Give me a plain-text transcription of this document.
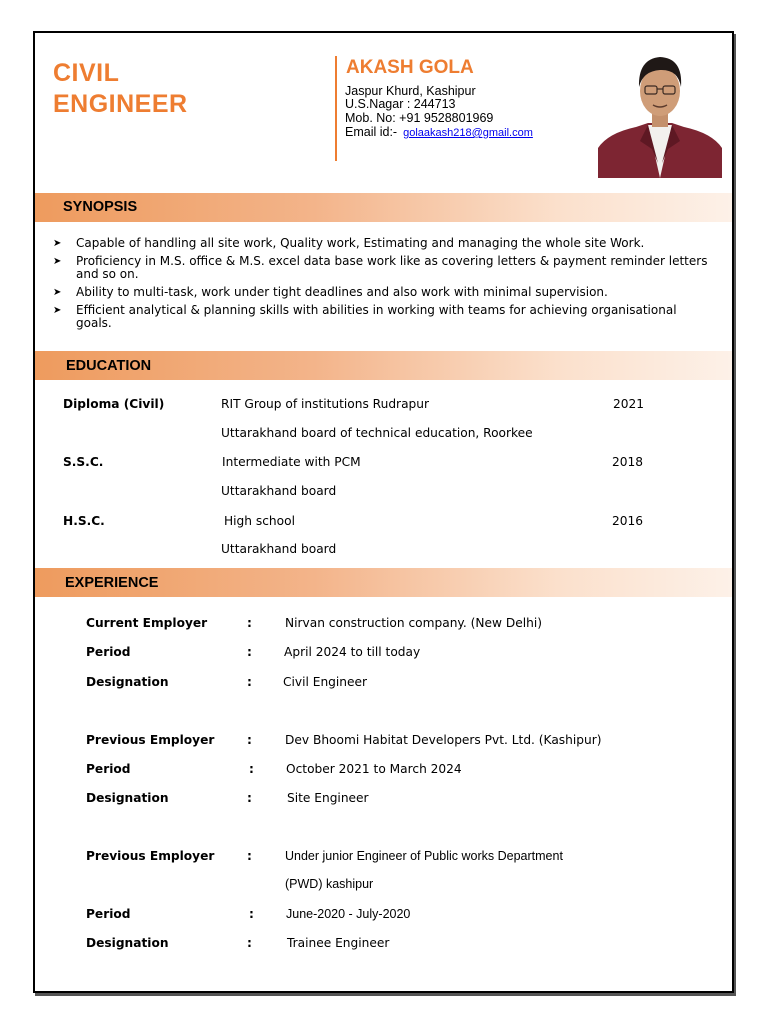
CIVIL
ENGINEER
AKASH GOLA
Jaspur Khurd, Kashipur
U.S.Nagar : 244713
Mob. No: +91 9528801969
Email id:- golaakash218@gmail.com
SYNOPSIS
➤ Capable of handling all site work, Quality work, Estimating and managing the whole site Work.
➤ Proficiency in M.S. office & M.S. excel data base work like as covering letters & payment reminder letters and so on.
➤ Ability to multi-task, work under tight deadlines and also work with minimal supervision.
➤ Efficient analytical & planning skills with abilities in working with teams for achieving organisational goals.
EDUCATION
Diploma (Civil)	RIT Group of institutions Rudrapur	2021
Uttarakhand board of technical education, Roorkee
S.S.C.	Intermediate with PCM	2018
Uttarakhand board
H.S.C.	High school	2016
Uttarakhand board
EXPERIENCE
Current Employer	:	Nirvan construction company. (New Delhi)
Period	:	April 2024 to till today
Designation	:	Civil Engineer
Previous Employer	:	Dev Bhoomi Habitat Developers Pvt. Ltd. (Kashipur)
Period	:	October 2021 to March 2024
Designation	:	Site Engineer
Previous Employer	:	Under junior Engineer of Public works Department
(PWD) kashipur
Period	:	June-2020 - July-2020
Designation	:	Trainee Engineer
